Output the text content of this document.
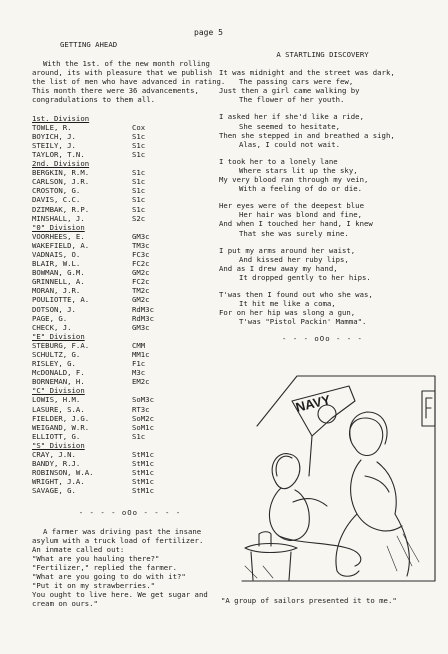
page 5
GETTING AHEAD

With the 1st. of the new month rolling around, its with pleasure that we publish the list of men who have advanced in rating. This month there were 36 advancements, congradulations to them all.

1st. Division
TOWLE, R.	Cox
BOYICH, J.	S1c
STEILY, J.	S1c
TAYLOR, T.N.	S1c
2nd. Division
BERGKIN, R.M.	S1c
CARLSON, J.R.	S1c
CROSTON, G.	S1c
DAVIS, C.C.	S1c
DZIMBAK, R.P.	S1c
MINSHALL, J.	S2c
"0" Division
VOORHEES, E.	GM3c
WAKEFIELD, A.	TM3c
VADNAIS, O.	FC3c
BLAIR, W.L.	FC2c
BOWMAN, G.M.	GM2c
GRINNELL, A.	FC2c
MORAN, J.R.	TM2c
POULIOTTE, A.	GM2c
DOTSON, J.	RdM3c
PAGE, G.	RdM3c
CHECK, J.	GM3c
"E" Division
STEBURG, F.A.	CMM
SCHULTZ, G.	MM1c
RISLEY, G.	F1c
McDONALD, F.	M3c
BORNEMAN, H.	EM2c
"C" Division
LOWIS, H.M.	SoM3c
LASURE, S.A.	RT3c
FIELDER, J.G.	SoM2c
WEIGAND, W.R.	SoM1c
ELLIOTT, G.	S1c
"S" Division
CRAY, J.N.	StM1c
BANDY, R.J.	StM1c
ROBINSON, W.A.	StM1c
WRIGHT, J.A.	StM1c
SAVAGE, G.	StM1c
- - - - oOo - - - -

A farmer was driving past the insane asylum with a truck load of fertilizer.

An inmate called out:

"What are you hauling there?"

"Fertilizer," replied the farmer.

"What are you going to do with it?"

"Put it on my strawberries."

You ought to live here. We get sugar and cream on ours."

A STARTLING DISCOVERY

It was midnight and the street was dark,

The passing cars were few,

Just then a girl came walking by

The flower of her youth.

I asked her if she'd like a ride,

She seemed to hesitate,

Then she stepped in and breathed a sigh,

Alas, I could not wait.

I took her to a lonely lane

Where stars lit up the sky,

My very blood ran through my vein,

With a feeling of do or die.

Her eyes were of the deepest blue

Her hair was blond and fine,

And when I touched her hand, I knew

That she was surely mine.

I put my arms around her waist,

And kissed her ruby lips,

And as I drew away my hand,

It dropped gently to her hips.

T'was then I found out who she was,

It hit me like a coma,

For on her hip was slong a gun,

T'was "Pistol Packin' Mamma".

- - - oOo - - -
NAVY
"A group of sailors presented it to me."
